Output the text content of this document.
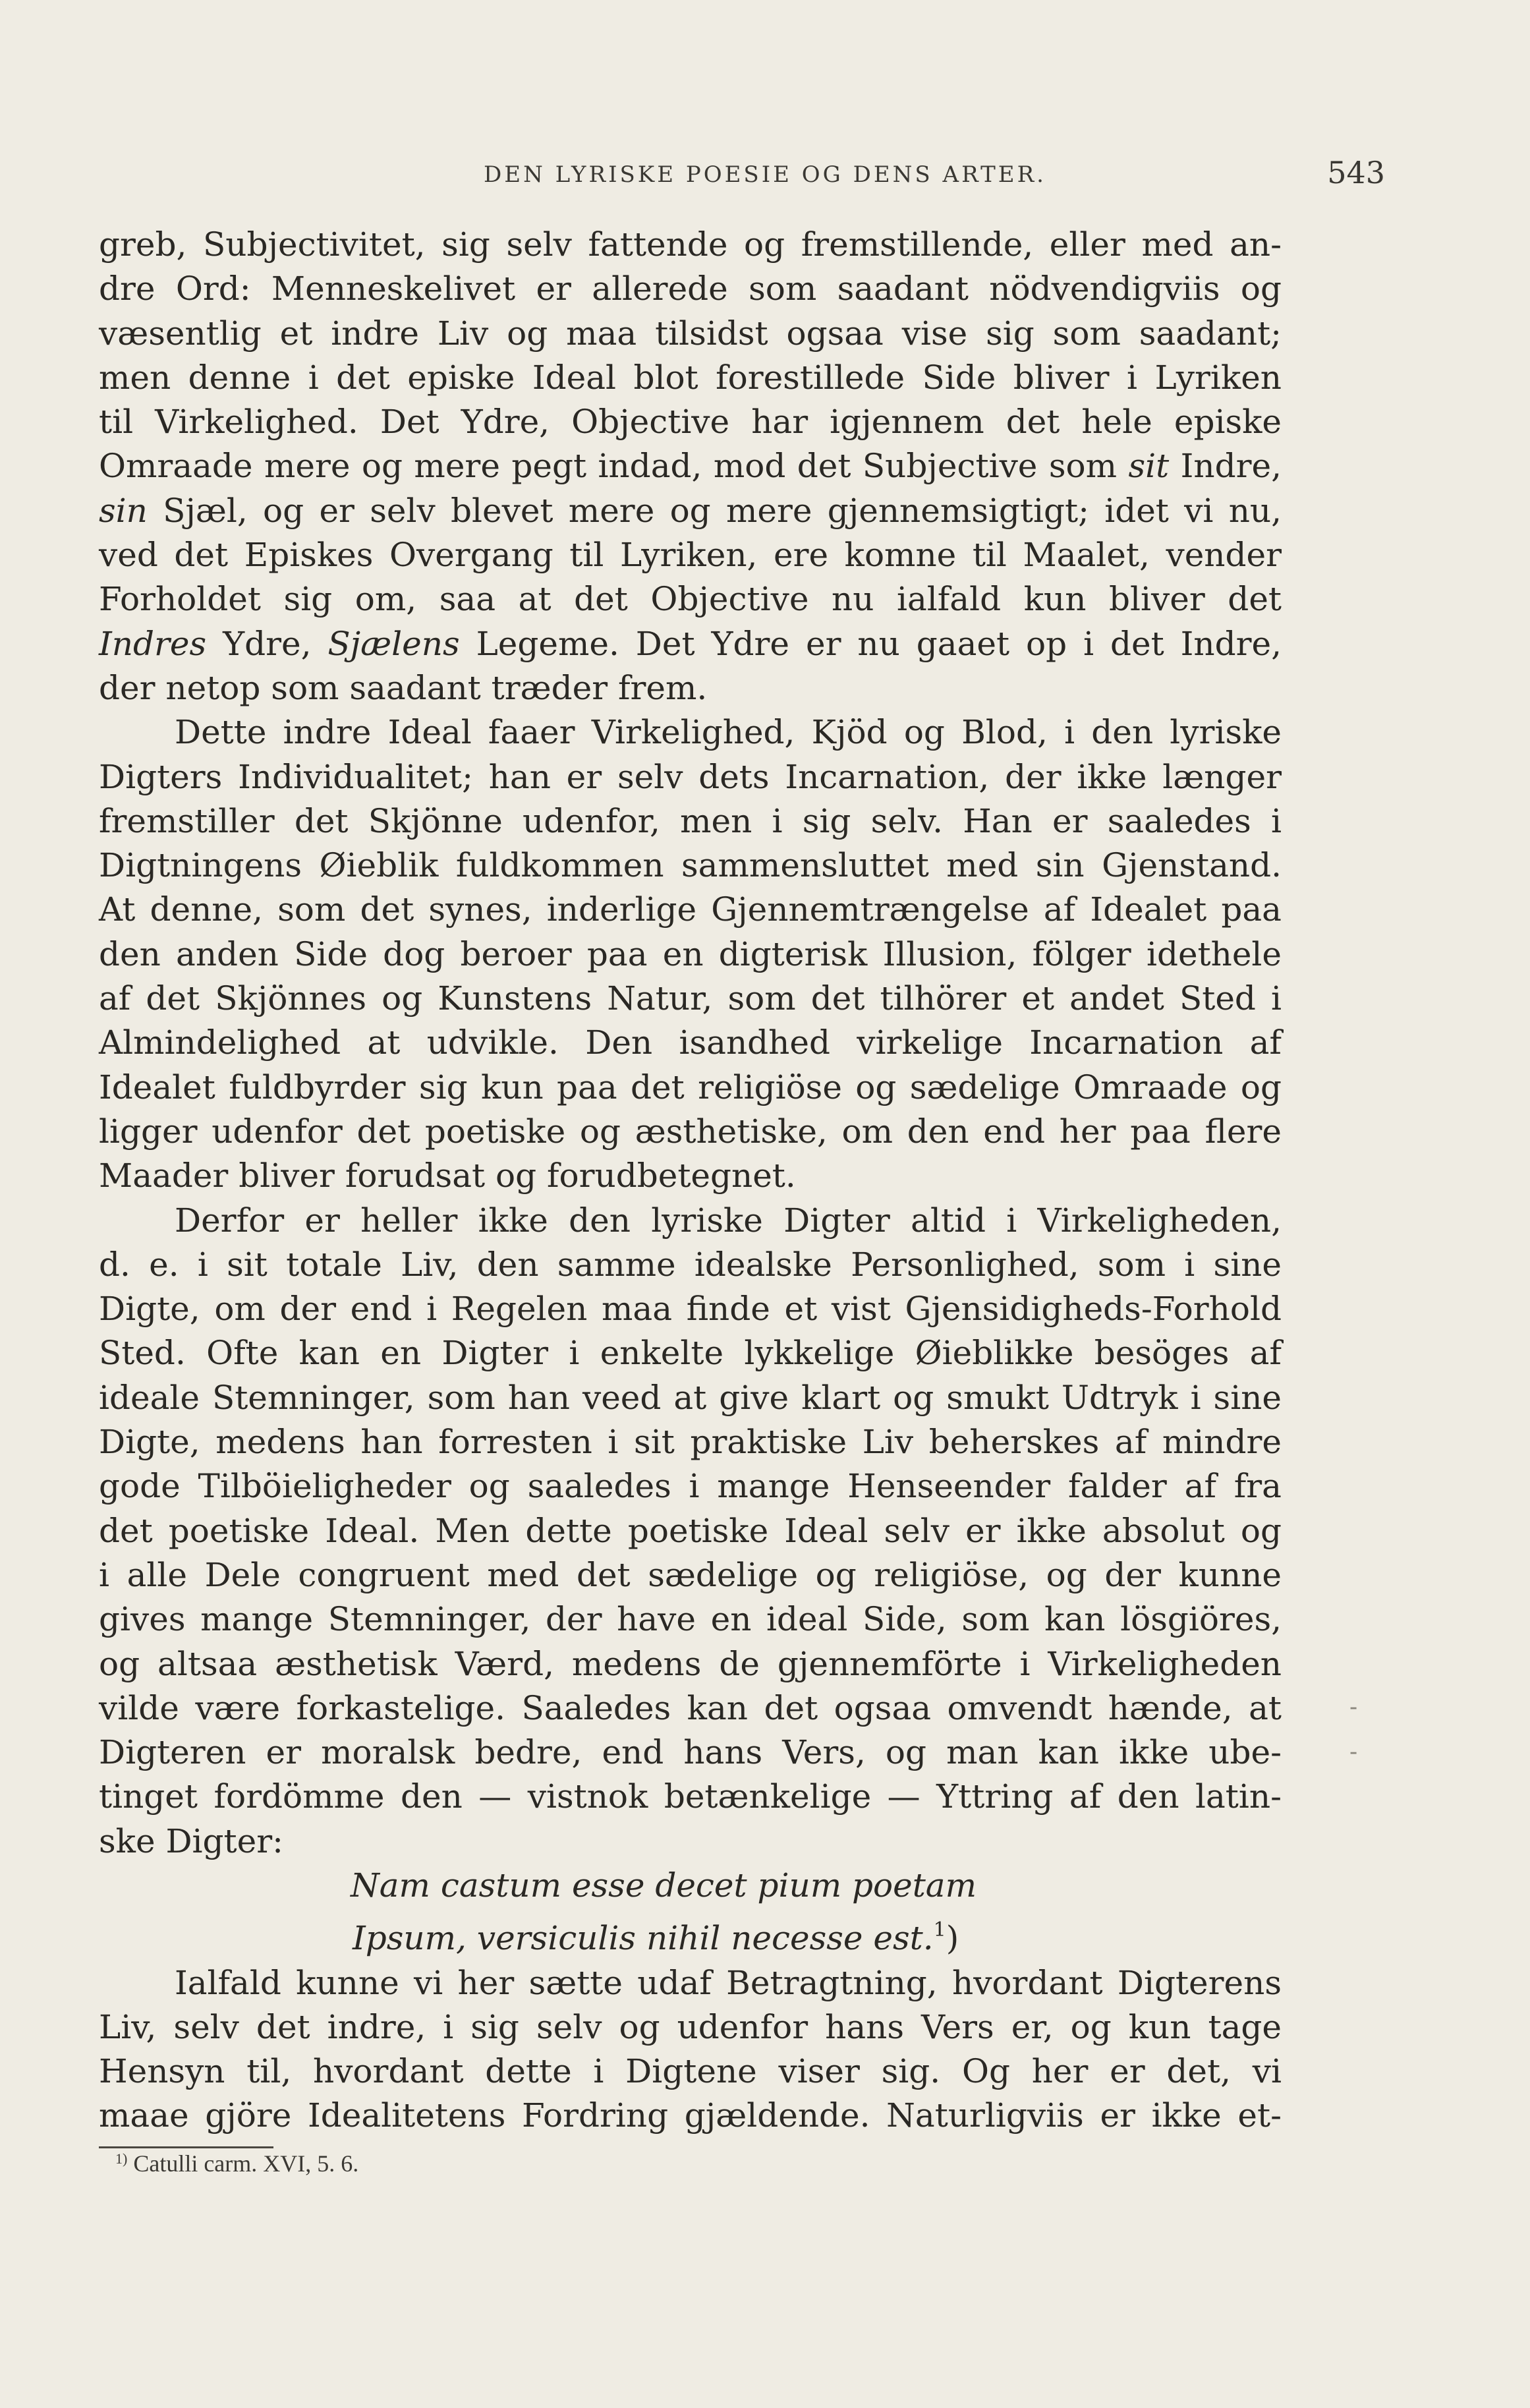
DEN LYRISKE POESIE OG DENS ARTER.	543
greb, Subjectivitet, sig selv fattende og fremstillende, eller med an-
dre Ord: Menneskelivet er allerede som saadant nödvendigviis og
væsentlig et indre Liv og maa tilsidst ogsaa vise sig som saadant;
men denne i det episke Ideal blot forestillede Side bliver i Lyriken
til Virkelighed. Det Ydre, Objective har igjennem det hele episke
Omraade mere og mere pegt indad, mod det Subjective som sit Indre,
sin Sjæl, og er selv blevet mere og mere gjennemsigtigt; idet vi nu,
ved det Episkes Overgang til Lyriken, ere komne til Maalet, vender
Forholdet sig om, saa at det Objective nu ialfald kun bliver det
Indres Ydre, Sjælens Legeme. Det Ydre er nu gaaet op i det Indre,
der netop som saadant træder frem.
Dette indre Ideal faaer Virkelighed, Kjöd og Blod, i den lyriske
Digters Individualitet; han er selv dets Incarnation, der ikke længer
fremstiller det Skjönne udenfor, men i sig selv. Han er saaledes i
Digtningens Øieblik fuldkommen sammensluttet med sin Gjenstand.
At denne, som det synes, inderlige Gjennemtrængelse af Idealet paa
den anden Side dog beroer paa en digterisk Illusion, fölger idethele
af det Skjönnes og Kunstens Natur, som det tilhörer et andet Sted i
Almindelighed at udvikle. Den isandhed virkelige Incarnation af
Idealet fuldbyrder sig kun paa det religiöse og sædelige Omraade og
ligger udenfor det poetiske og æsthetiske, om den end her paa flere
Maader bliver forudsat og forudbetegnet.
Derfor er heller ikke den lyriske Digter altid i Virkeligheden,
d. e. i sit totale Liv, den samme idealske Personlighed, som i sine
Digte, om der end i Regelen maa finde et vist Gjensidigheds-Forhold
Sted. Ofte kan en Digter i enkelte lykkelige Øieblikke besöges af
ideale Stemninger, som han veed at give klart og smukt Udtryk i sine
Digte, medens han forresten i sit praktiske Liv beherskes af mindre
gode Tilböieligheder og saaledes i mange Henseender falder af fra
det poetiske Ideal. Men dette poetiske Ideal selv er ikke absolut og
i alle Dele congruent med det sædelige og religiöse, og der kunne
gives mange Stemninger, der have en ideal Side, som kan lösgiöres,
og altsaa æsthetisk Værd, medens de gjennemförte i Virkeligheden
vilde være forkastelige. Saaledes kan det ogsaa omvendt hænde, at
Digteren er moralsk bedre, end hans Vers, og man kan ikke ube-
tinget fordömme den — vistnok betænkelige — Yttring af den latin-
ske Digter:
Nam castum esse decet pium poetam
Ipsum, versiculis nihil necesse est.$^1$)
Ialfald kunne vi her sætte udaf Betragtning, hvordant Digterens
Liv, selv det indre, i sig selv og udenfor hans Vers er, og kun tage
Hensyn til, hvordant dette i Digtene viser sig. Og her er det, vi
maae gjöre Idealitetens Fordring gjældende. Naturligviis er ikke et-
-
-
$^{1)}$ Catulli carm. XVI, 5. 6.
